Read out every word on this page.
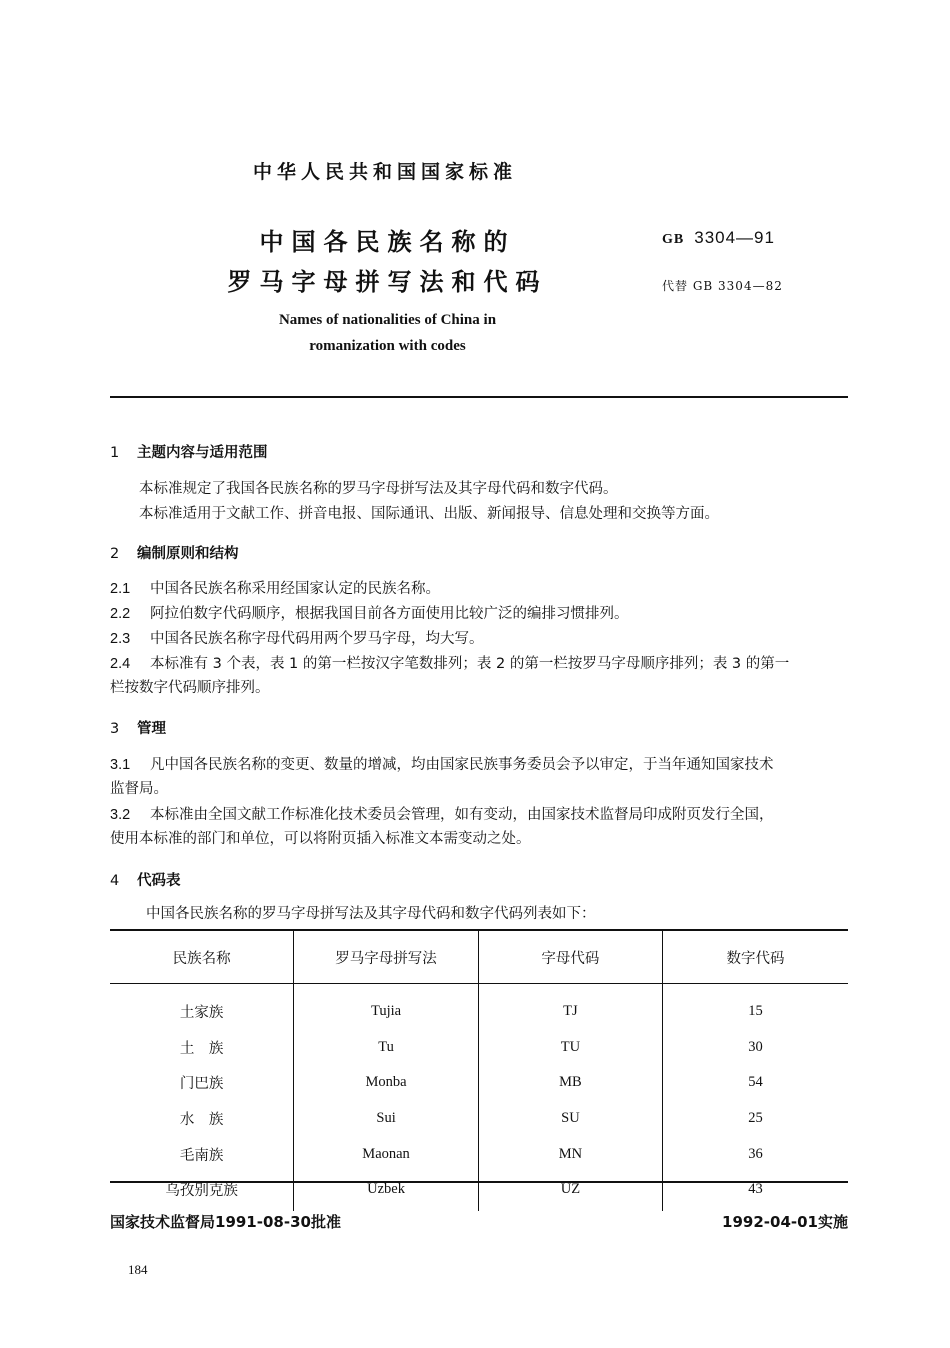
中华人民共和国国家标准
中国各民族名称的
罗马字母拼写法和代码
GB 3304—91
代替 GB 3304—82
Names of nationalities of China in
romanization with codes
1 主题内容与适用范围
本标准规定了我国各民族名称的罗马字母拼写法及其字母代码和数字代码。
本标准适用于文献工作、拼音电报、国际通讯、出版、新闻报导、信息处理和交换等方面。
2 编制原则和结构
2.1 中国各民族名称采用经国家认定的民族名称。
2.2 阿拉伯数字代码顺序，根据我国目前各方面使用比较广泛的编排习惯排列。
2.3 中国各民族名称字母代码用两个罗马字母，均大写。
2.4 本标准有 3 个表，表 1 的第一栏按汉字笔数排列；表 2 的第一栏按罗马字母顺序排列；表 3 的第一
栏按数字代码顺序排列。
3 管理
3.1 凡中国各民族名称的变更、数量的增减，均由国家民族事务委员会予以审定，于当年通知国家技术
监督局。
3.2 本标准由全国文献工作标准化技术委员会管理，如有变动，由国家技术监督局印成附页发行全国，
使用本标准的部门和单位，可以将附页插入标准文本需变动之处。
4 代码表
中国各民族名称的罗马字母拼写法及其字母代码和数字代码列表如下：
民族名称	罗马字母拼写法	字母代码	数字代码

土家族	Tujia	TJ	15
土　族	Tu	TU	30
门巴族	Monba	MB	54
水　族	Sui	SU	25
毛南族	Maonan	MN	36
乌孜别克族	Uzbek	UZ	43
国家技术监督局1991-08-30批准	1992-04-01实施
184
